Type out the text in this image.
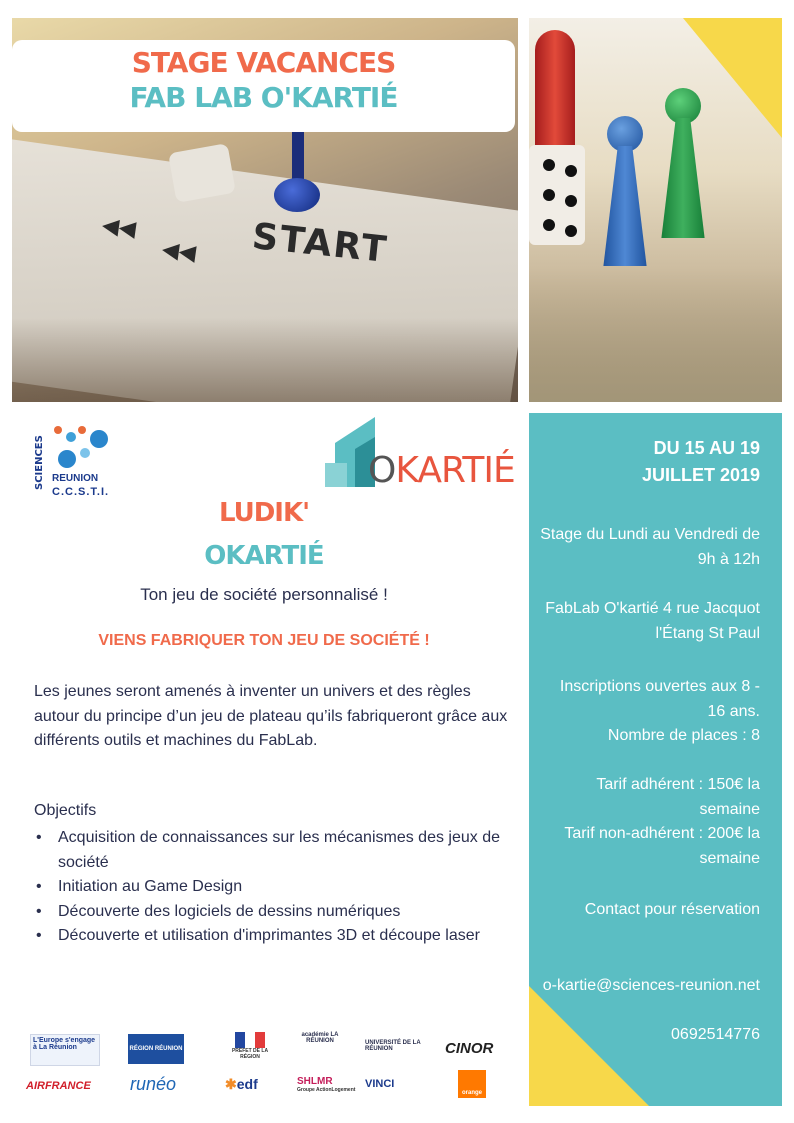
◀◀
◀◀ START
STAGE VACANCES
FAB LAB O'KARTIÉ
SCIENCES REUNION
C.C.S.T.I.
OKARTIÉ
LUDIK'
OKARTIÉ
Ton jeu de société personnalisé !
VIENS FABRIQUER TON JEU DE SOCIÉTÉ !
Les jeunes seront amenés à inventer un univers et des règles autour du principe d’un jeu de plateau qu’ils fabriqueront grâce aux différents outils et machines du FabLab.
Objectifs
• Acquisition de connaissances sur les mécanismes des jeux de société
• Initiation au Game Design
• Découverte des logiciels de dessins numériques
• Découverte et utilisation d'imprimantes 3D et découpe laser
DU 15 AU 19
JUILLET 2019
Stage du Lundi au Vendredi de 9h à 12h
FabLab O'kartié 4 rue Jacquot l'Étang St Paul
Inscriptions ouvertes aux 8 - 16 ans.
Nombre de places : 8
Tarif adhérent : 150€ la semaine
Tarif non-adhérent : 200€ la semaine
Contact pour réservation
o-kartie@sciences-reunion.net
0692514776
L'Europe s'engage à La Réunion	RÉGION RÉUNION	PRÉFET DE LA RÉGION
académie LA RÉUNION	UNIVERSITÉ DE LA RÉUNION	CINOR
AIRFRANCE runéo	✱edf	SHLMR
Groupe ActionLogement VINCI
orange
